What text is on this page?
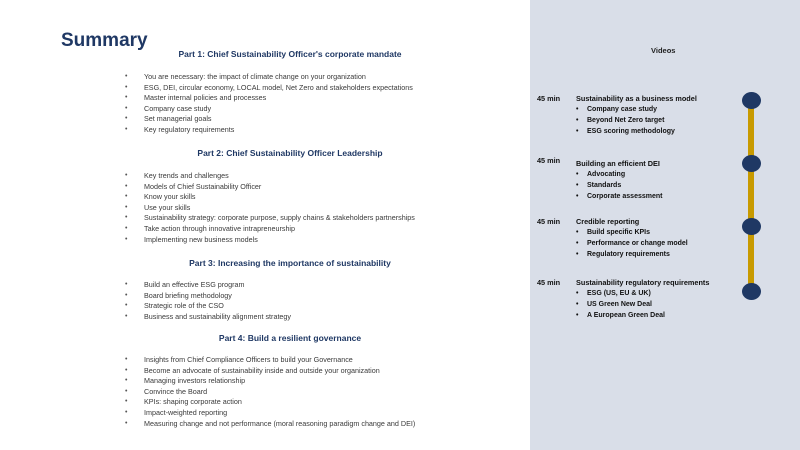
Summary
Part 1: Chief Sustainability Officer's corporate mandate
• You are necessary: the impact of climate change on your organization
• ESG, DEI, circular economy, LOCAL model, Net Zero and stakeholders expectations
• Master internal policies and processes
• Company case study
• Set managerial goals
• Key regulatory requirements
Part 2: Chief Sustainability Officer Leadership
• Key trends and challenges
• Models of Chief Sustainability Officer
• Know your skills
• Use your skills
• Sustainability strategy: corporate purpose, supply chains & stakeholders partnerships
• Take action through innovative intrapreneurship
• Implementing new business models
Part 3: Increasing the importance of sustainability
• Build an effective ESG program
• Board briefing methodology
• Strategic role of the CSO
• Business and sustainability alignment strategy
Part 4: Build a resilient governance
• Insights from Chief Compliance Officers to build your Governance
• Become an advocate of sustainability inside and outside your organization
• Managing investors relationship
• Convince the Board
• KPIs: shaping corporate action
• Impact-weighted reporting
• Measuring change and not performance (moral reasoning paradigm change and DEI)
Videos
45 min Sustainability as a business model
• Company case study
• Beyond Net Zero target
• ESG scoring methodology
45 min Building an efficient DEI
• Advocating
• Standards
• Corporate assessment
45 min Credible reporting
• Build specific KPIs
• Performance or change model
• Regulatory requirements
45 min Sustainability regulatory requirements
• ESG (US, EU & UK)
• US Green New Deal
• A European Green Deal
